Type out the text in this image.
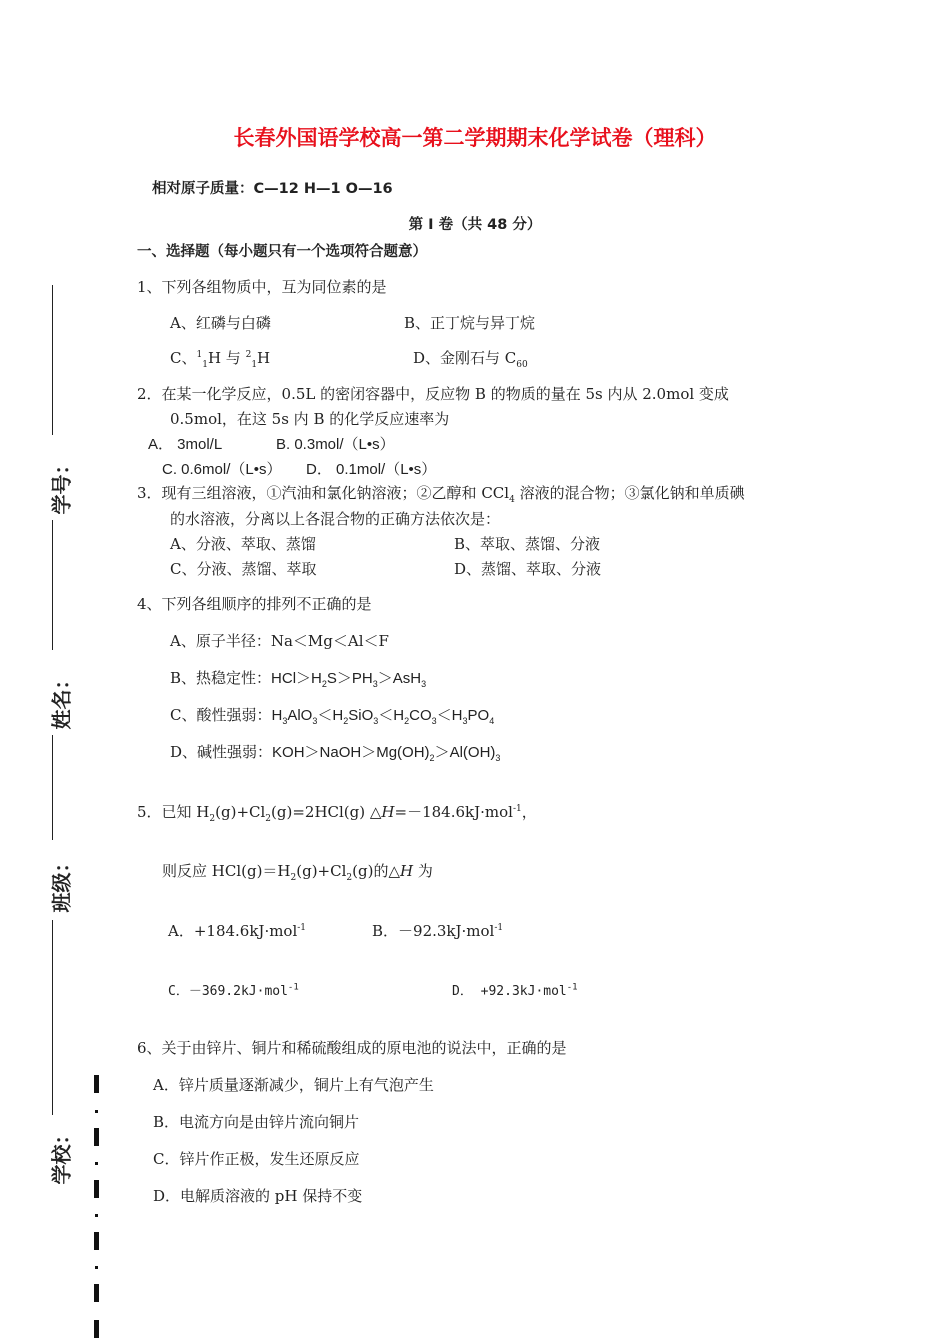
长春外国语学校高一第二学期期末化学试卷（理科）
相对原子质量：C—12 H—1 O—16
第 I 卷（共 48 分）
一、选择题（每小题只有一个选项符合题意）
学号：
姓名：
班级：
学校：
1、下列各组物质中，互为同位素的是
A、红磷与白磷	B、正丁烷与异丁烷
C、$^1_1$H 与 $^2_1$H	D、金刚石与 $C_{60}$
2．在某一化学反应，0.5L 的密闭容器中，反应物 B 的物质的量在 5s 内从 2.0mol 变成
0.5mol，在这 5s 内 B 的化学反应速率为
A． 3mol/L	B. 0.3mol/（L•s）
C. 0.6mol/（L•s） D． 0.1mol/（L•s）
3．现有三组溶液，①汽油和氯化钠溶液；②乙醇和 CCl$_4$ 溶液的混合物；③氯化钠和单质碘
的水溶液，分离以上各混合物的正确方法依次是：
A、分液、萃取、蒸馏	B、萃取、蒸馏、分液
C、分液、蒸馏、萃取	D、蒸馏、萃取、分液
4、下列各组顺序的排列不正确的是
A、原子半径：Na＜Mg＜Al＜F
B、热稳定性：$HCl>H_2S>PH_3>AsH_3$
C、酸性强弱：$H_3AlO_3<H_2SiO_3<H_2CO_3<H_3PO_4$
D、碱性强弱：$KOH>NaOH>Mg(OH)_2>Al(OH)_3$
5．已知 $H_2(g)+Cl_2(g)=2HCl(g)$ △H=－184.6kJ·mol$^{-1}$，
则反应 $HCl(g)=H_2(g)+Cl_2(g)$的△H 为
A．+184.6kJ·mol$^{-1}$	B．－92.3kJ·mol$^{-1}$
C．－369.2kJ·mol$^{-1}$	D． +92.3kJ·mol$^{-1}$
6、关于由锌片、铜片和稀硫酸组成的原电池的说法中，正确的是
A．锌片质量逐渐减少，铜片上有气泡产生
B．电流方向是由锌片流向铜片
C．锌片作正极，发生还原反应
D．电解质溶液的 pH 保持不变
